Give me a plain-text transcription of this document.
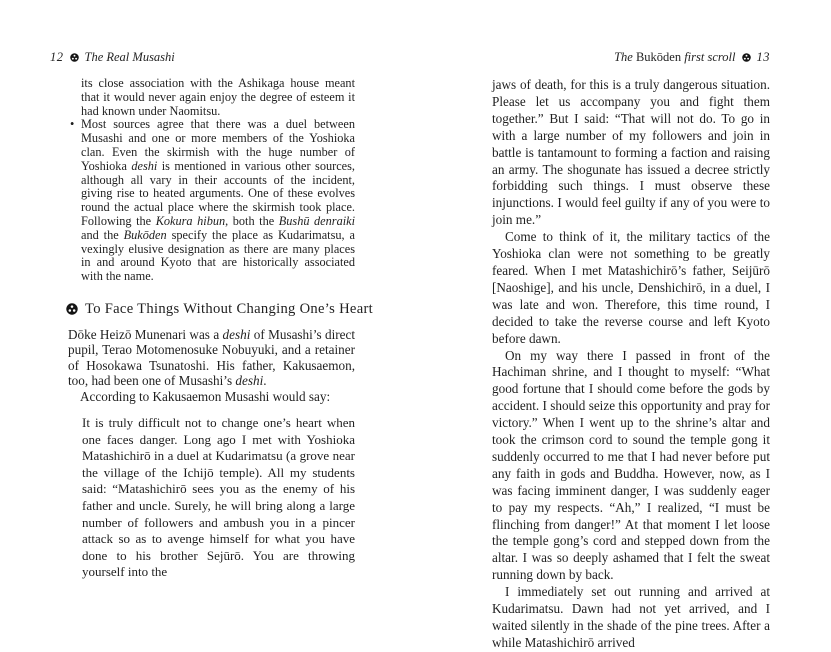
12 The Real Musashi
its close association with the Ashikaga house meant that it would never again enjoy the degree of esteem it had known under Naomitsu.
• Most sources agree that there was a duel between Musashi and one or more members of the Yoshioka clan. Even the skirmish with the huge number of Yoshioka deshi is mentioned in various other sources, although all vary in their accounts of the incident, giving rise to heated arguments. One of these evolves round the actual place where the skirmish took place. Following the Kokura hibun, both the Bushū denraiki and the Bukōden specify the place as Kudarimatsu, a vexingly elusive designation as there are many places in and around Kyoto that are historically associated with the name.
To Face Things Without Changing One’s Heart
Dōke Heizō Munenari was a deshi of Musashi’s direct pupil, Terao Motomenosuke Nobuyuki, and a retainer of Hosokawa Tsunatoshi. His father, Kakusaemon, too, had been one of Musashi’s deshi.
According to Kakusaemon Musashi would say:
It is truly difficult not to change one’s heart when one faces danger. Long ago I met with Yoshioka Matashichirō in a duel at Kudarimatsu (a grove near the village of the Ichijō temple). All my students said: “Matashichirō sees you as the enemy of his father and uncle. Surely, he will bring along a large number of followers and ambush you in a pincer attack so as to avenge himself for what you have done to his brother Sejūrō. You are throwing yourself into the
The Bukōden first scroll 13
jaws of death, for this is a truly dangerous situation. Please let us accompany you and fight them together.” But I said: “That will not do. To go in with a large number of my followers and join in battle is tantamount to forming a faction and raising an army. The shogunate has issued a decree strictly forbidding such things. I must observe these injunctions. I would feel guilty if any of you were to join me.”
Come to think of it, the military tactics of the Yoshioka clan were not something to be greatly feared. When I met Matashichirō’s father, Seijūrō [Naoshige], and his uncle, Denshichirō, in a duel, I was late and won. Therefore, this time round, I decided to take the reverse course and left Kyoto before dawn.
On my way there I passed in front of the Hachiman shrine, and I thought to myself: “What good fortune that I should come before the gods by accident. I should seize this opportunity and pray for victory.” When I went up to the shrine’s altar and took the crimson cord to sound the temple gong it suddenly occurred to me that I had never before put any faith in gods and Buddha. However, now, as I was facing imminent danger, I was suddenly eager to pay my respects. “Ah,” I realized, “I must be flinching from danger!” At that moment I let loose the temple gong’s cord and stepped down from the altar. I was so deeply ashamed that I felt the sweat running down by back.
I immediately set out running and arrived at Kudarimatsu. Dawn had not yet arrived, and I waited silently in the shade of the pine trees. After a while Matashichirō arrived
